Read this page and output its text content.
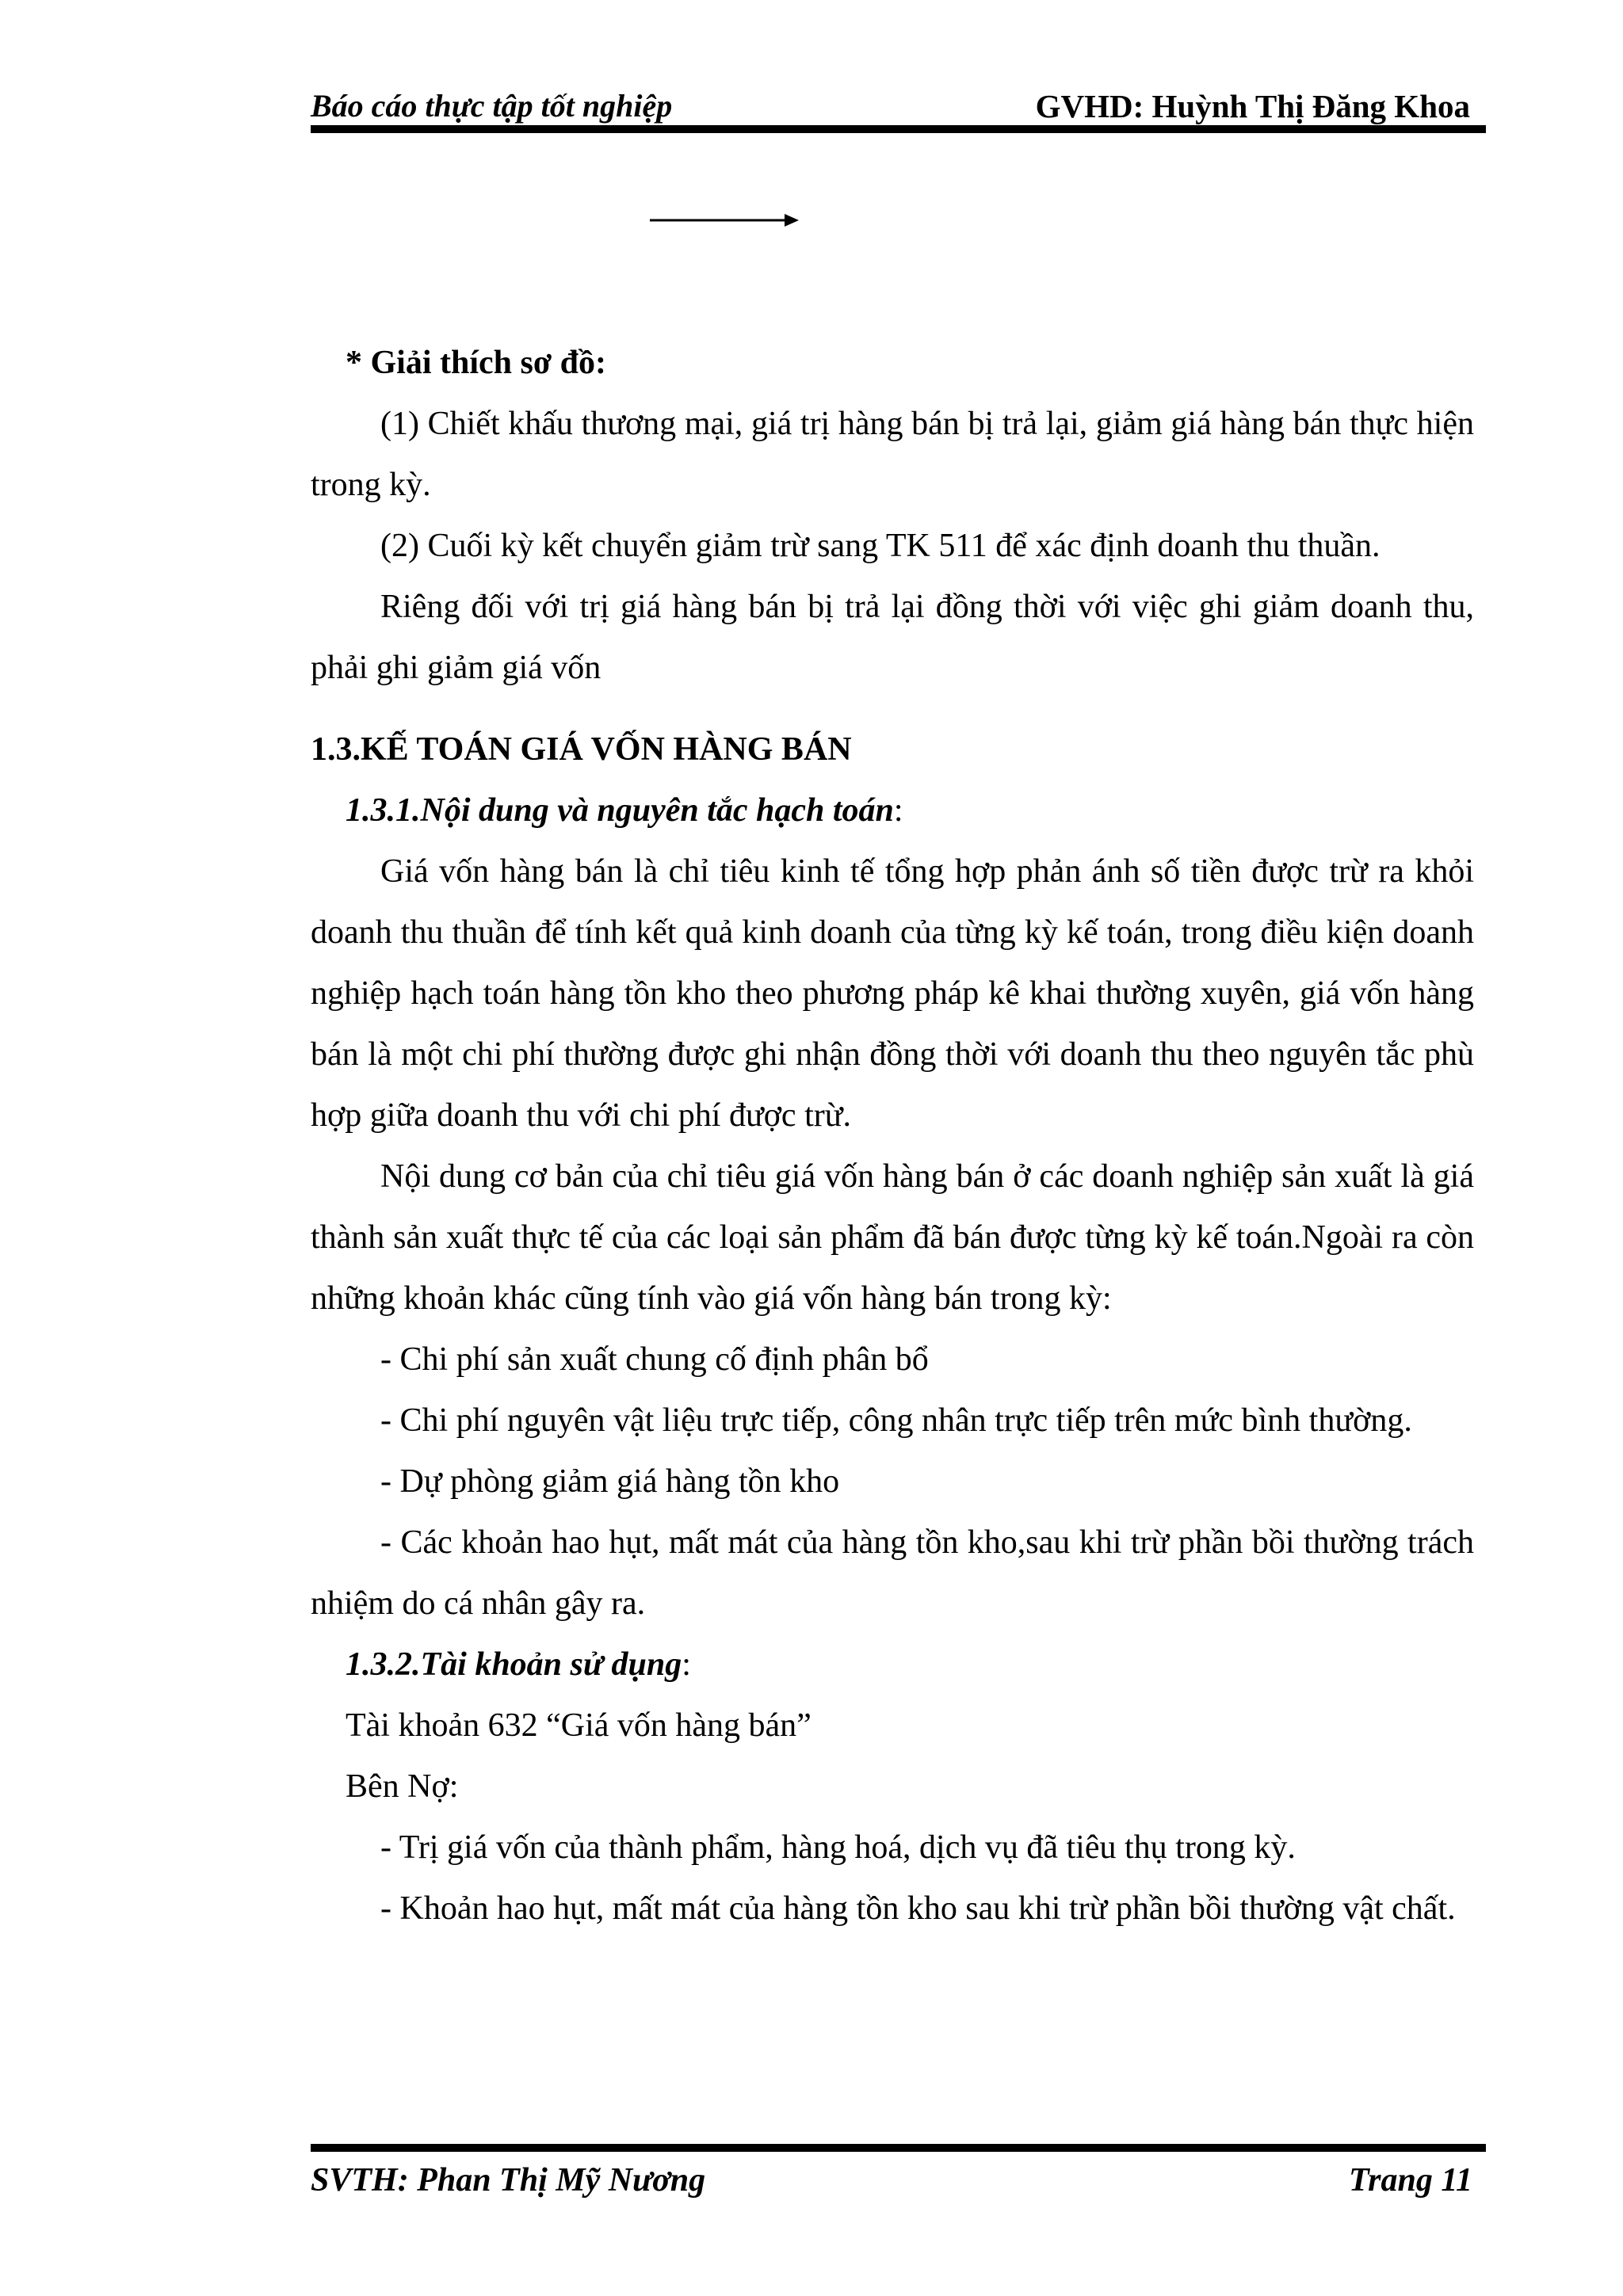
Báo cáo thực tập tốt nghiệp	GVHD: Huỳnh Thị Đăng Khoa

* Giải thích sơ đồ:

(1) Chiết khấu thương mại, giá trị hàng bán bị trả lại, giảm giá hàng bán thực hiện trong kỳ.

(2) Cuối kỳ kết chuyển giảm trừ sang TK 511 để xác định doanh thu thuần.

Riêng đối với trị giá hàng bán bị trả lại đồng thời với việc ghi giảm doanh thu, phải ghi giảm giá vốn

1.3.KẾ TOÁN GIÁ VỐN HÀNG BÁN

1.3.1.Nội dung và nguyên tắc hạch toán:

Giá vốn hàng bán là chỉ tiêu kinh tế tổng hợp phản ánh số tiền được trừ ra khỏi doanh thu thuần để tính kết quả kinh doanh của từng kỳ kế toán, trong điều kiện doanh nghiệp hạch toán hàng tồn kho theo phương pháp kê khai thường xuyên, giá vốn hàng bán là một chi phí thường được ghi nhận đồng thời với doanh thu theo nguyên tắc phù hợp giữa doanh thu với chi phí được trừ.

Nội dung cơ bản của chỉ tiêu giá vốn hàng bán ở các doanh nghiệp sản xuất là giá thành sản xuất thực tế của các loại sản phẩm đã bán được từng kỳ kế toán.Ngoài ra còn những khoản khác cũng tính vào giá vốn hàng bán trong kỳ:

- Chi phí sản xuất chung cố định phân bổ

- Chi phí nguyên vật liệu trực tiếp, công nhân trực tiếp trên mức bình thường.

- Dự phòng giảm giá hàng tồn kho

- Các khoản hao hụt, mất mát của hàng tồn kho,sau khi trừ phần bồi thường trách nhiệm do cá nhân gây ra.

1.3.2.Tài khoản sử dụng:

Tài khoản 632 “Giá vốn hàng bán”

Bên Nợ:

- Trị giá vốn của thành phẩm, hàng hoá, dịch vụ đã tiêu thụ trong kỳ.

- Khoản hao hụt, mất mát của hàng tồn kho sau khi trừ phần bồi thường vật chất.

SVTH: Phan Thị Mỹ Nương	Trang 11
